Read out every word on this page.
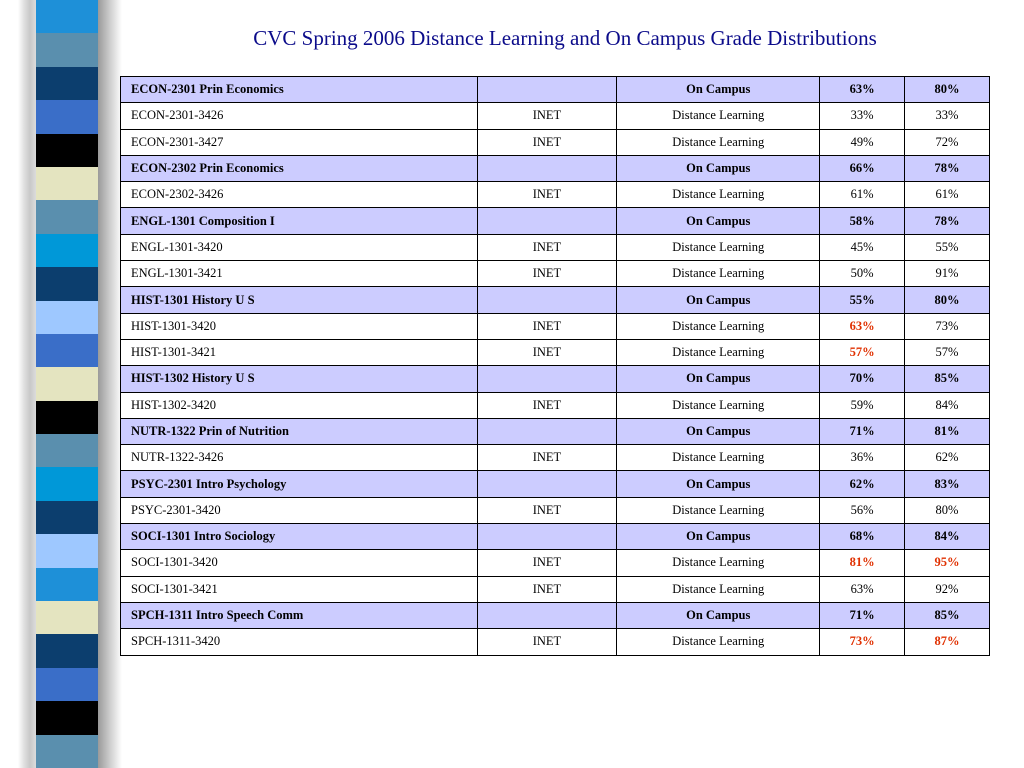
CVC Spring 2006 Distance Learning and On Campus Grade Distributions
ECON-2301 Prin Economics		On Campus	63%	80%
ECON-2301-3426	INET	Distance Learning	33%	33%
ECON-2301-3427	INET	Distance Learning	49%	72%
ECON-2302 Prin Economics		On Campus	66%	78%
ECON-2302-3426	INET	Distance Learning	61%	61%
ENGL-1301 Composition I		On Campus	58%	78%
ENGL-1301-3420	INET	Distance Learning	45%	55%
ENGL-1301-3421	INET	Distance Learning	50%	91%
HIST-1301 History U S		On Campus	55%	80%
HIST-1301-3420	INET	Distance Learning	63%	73%
HIST-1301-3421	INET	Distance Learning	57%	57%
HIST-1302 History U S		On Campus	70%	85%
HIST-1302-3420	INET	Distance Learning	59%	84%
NUTR-1322 Prin of Nutrition		On Campus	71%	81%
NUTR-1322-3426	INET	Distance Learning	36%	62%
PSYC-2301 Intro Psychology		On Campus	62%	83%
PSYC-2301-3420	INET	Distance Learning	56%	80%
SOCI-1301 Intro Sociology		On Campus	68%	84%
SOCI-1301-3420	INET	Distance Learning	81%	95%
SOCI-1301-3421	INET	Distance Learning	63%	92%
SPCH-1311 Intro Speech Comm		On Campus	71%	85%
SPCH-1311-3420	INET	Distance Learning	73%	87%
